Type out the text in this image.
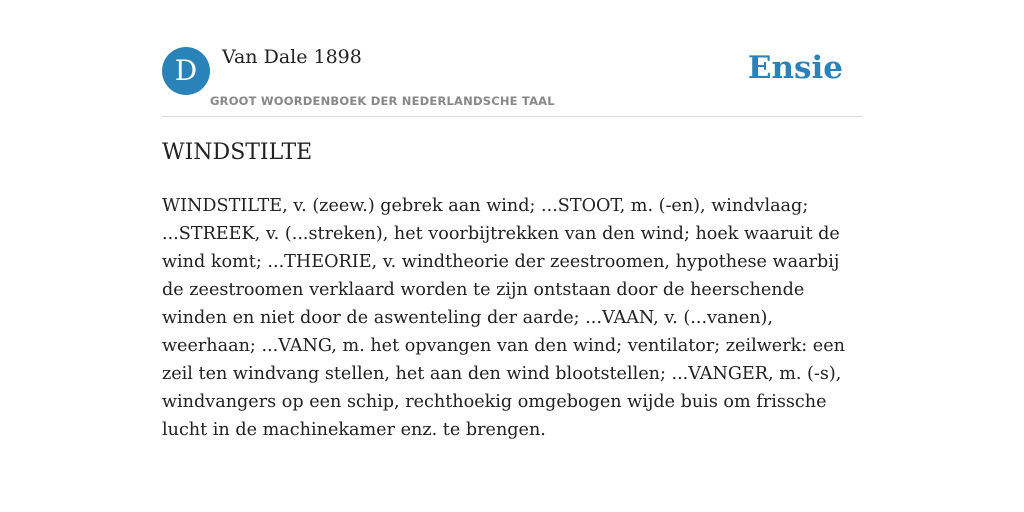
D	Van Dale 1898
GROOT WOORDENBOEK DER NEDERLANDSCHE TAAL
Ensie
WINDSTILTE

WINDSTILTE, v. (zeew.) gebrek aan wind; ...STOOT, m. (-en), windvlaag; ...STREEK, v. (...streken), het voorbijtrekken van den wind; hoek waaruit de wind komt; ...THEORIE, v. windtheorie der zeestroomen, hypothese waarbij de zeestroomen verklaard worden te zijn ontstaan door de heerschende winden en niet door de aswenteling der aarde; ...VAAN, v. (...vanen), weerhaan; ...VANG, m. het opvangen van den wind; ventilator; zeilwerk: een zeil ten windvang stellen, het aan den wind blootstellen; ...VANGER, m. (-s), windvangers op een schip, rechthoekig omgebogen wijde buis om frissche lucht in de machinekamer enz. te brengen.
